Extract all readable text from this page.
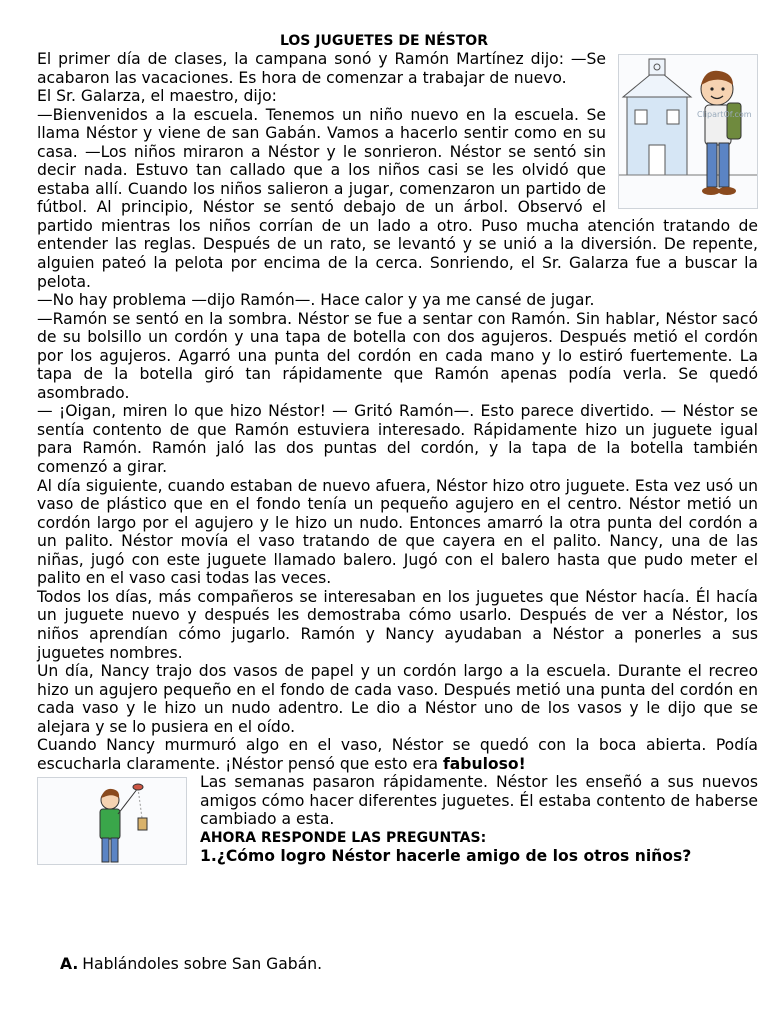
LOS JUGUETES DE NÉSTOR
ClipartOf.com

El primer día de clases, la campana sonó y Ramón Martínez dijo: —Se acabaron las vacaciones. Es hora de comenzar a trabajar de nuevo.

El Sr. Galarza, el maestro, dijo:

—Bienvenidos a la escuela. Tenemos un niño nuevo en la escuela. Se llama Néstor y viene de san Gabán. Vamos a hacerlo sentir como en su casa. —Los niños miraron a Néstor y le sonrieron. Néstor se sentó sin decir nada. Estuvo tan callado que a los niños casi se les olvidó que estaba allí. Cuando los niños salieron a jugar, comenzaron un partido de fútbol. Al principio, Néstor se sentó debajo de un árbol. Observó el partido mientras los niños corrían de un lado a otro. Puso mucha atención tratando de entender las reglas. Después de un rato, se levantó y se unió a la diversión. De repente, alguien pateó la pelota por encima de la cerca. Sonriendo, el Sr. Galarza fue a buscar la pelota.

—No hay problema —dijo Ramón—. Hace calor y ya me cansé de jugar.

—Ramón se sentó en la sombra. Néstor se fue a sentar con Ramón. Sin hablar, Néstor sacó de su bolsillo un cordón y una tapa de botella con dos agujeros. Después metió el cordón por los agujeros. Agarró una punta del cordón en cada mano y lo estiró fuertemente. La tapa de la botella giró tan rápidamente que Ramón apenas podía verla. Se quedó asombrado.

— ¡Oigan, miren lo que hizo Néstor! — Gritó Ramón—. Esto parece divertido. — Néstor se sentía contento de que Ramón estuviera interesado. Rápidamente hizo un juguete igual para Ramón. Ramón jaló las dos puntas del cordón, y la tapa de la botella también comenzó a girar.

Al día siguiente, cuando estaban de nuevo afuera, Néstor hizo otro juguete. Esta vez usó un vaso de plástico que en el fondo tenía un pequeño agujero en el centro. Néstor metió un cordón largo por el agujero y le hizo un nudo. Entonces amarró la otra punta del cordón a un palito. Néstor movía el vaso tratando de que cayera en el palito. Nancy, una de las niñas, jugó con este juguete llamado balero. Jugó con el balero hasta que pudo meter el palito en el vaso casi todas las veces.

Todos los días, más compañeros se interesaban en los juguetes que Néstor hacía. Él hacía un juguete nuevo y después les demostraba cómo usarlo. Después de ver a Néstor, los niños aprendían cómo jugarlo. Ramón y Nancy ayudaban a Néstor a ponerles a sus juguetes nombres.

Un día, Nancy trajo dos vasos de papel y un cordón largo a la escuela. Durante el recreo hizo un agujero pequeño en el fondo de cada vaso. Después metió una punta del cordón en cada vaso y le hizo un nudo adentro. Le dio a Néstor uno de los vasos y le dijo que se alejara y se lo pusiera en el oído.

Cuando Nancy murmuró algo en el vaso, Néstor se quedó con la boca abierta. Podía escucharla claramente. ¡Néstor pensó que esto era fabuloso!

Las semanas pasaron rápidamente. Néstor les enseñó a sus nuevos amigos cómo hacer diferentes juguetes. Él estaba contento de haberse cambiado a esta.

AHORA RESPONDE LAS PREGUNTAS:

1.¿Cómo logro Néstor hacerle amigo de los otros niños?

A. Hablándoles sobre San Gabán.
